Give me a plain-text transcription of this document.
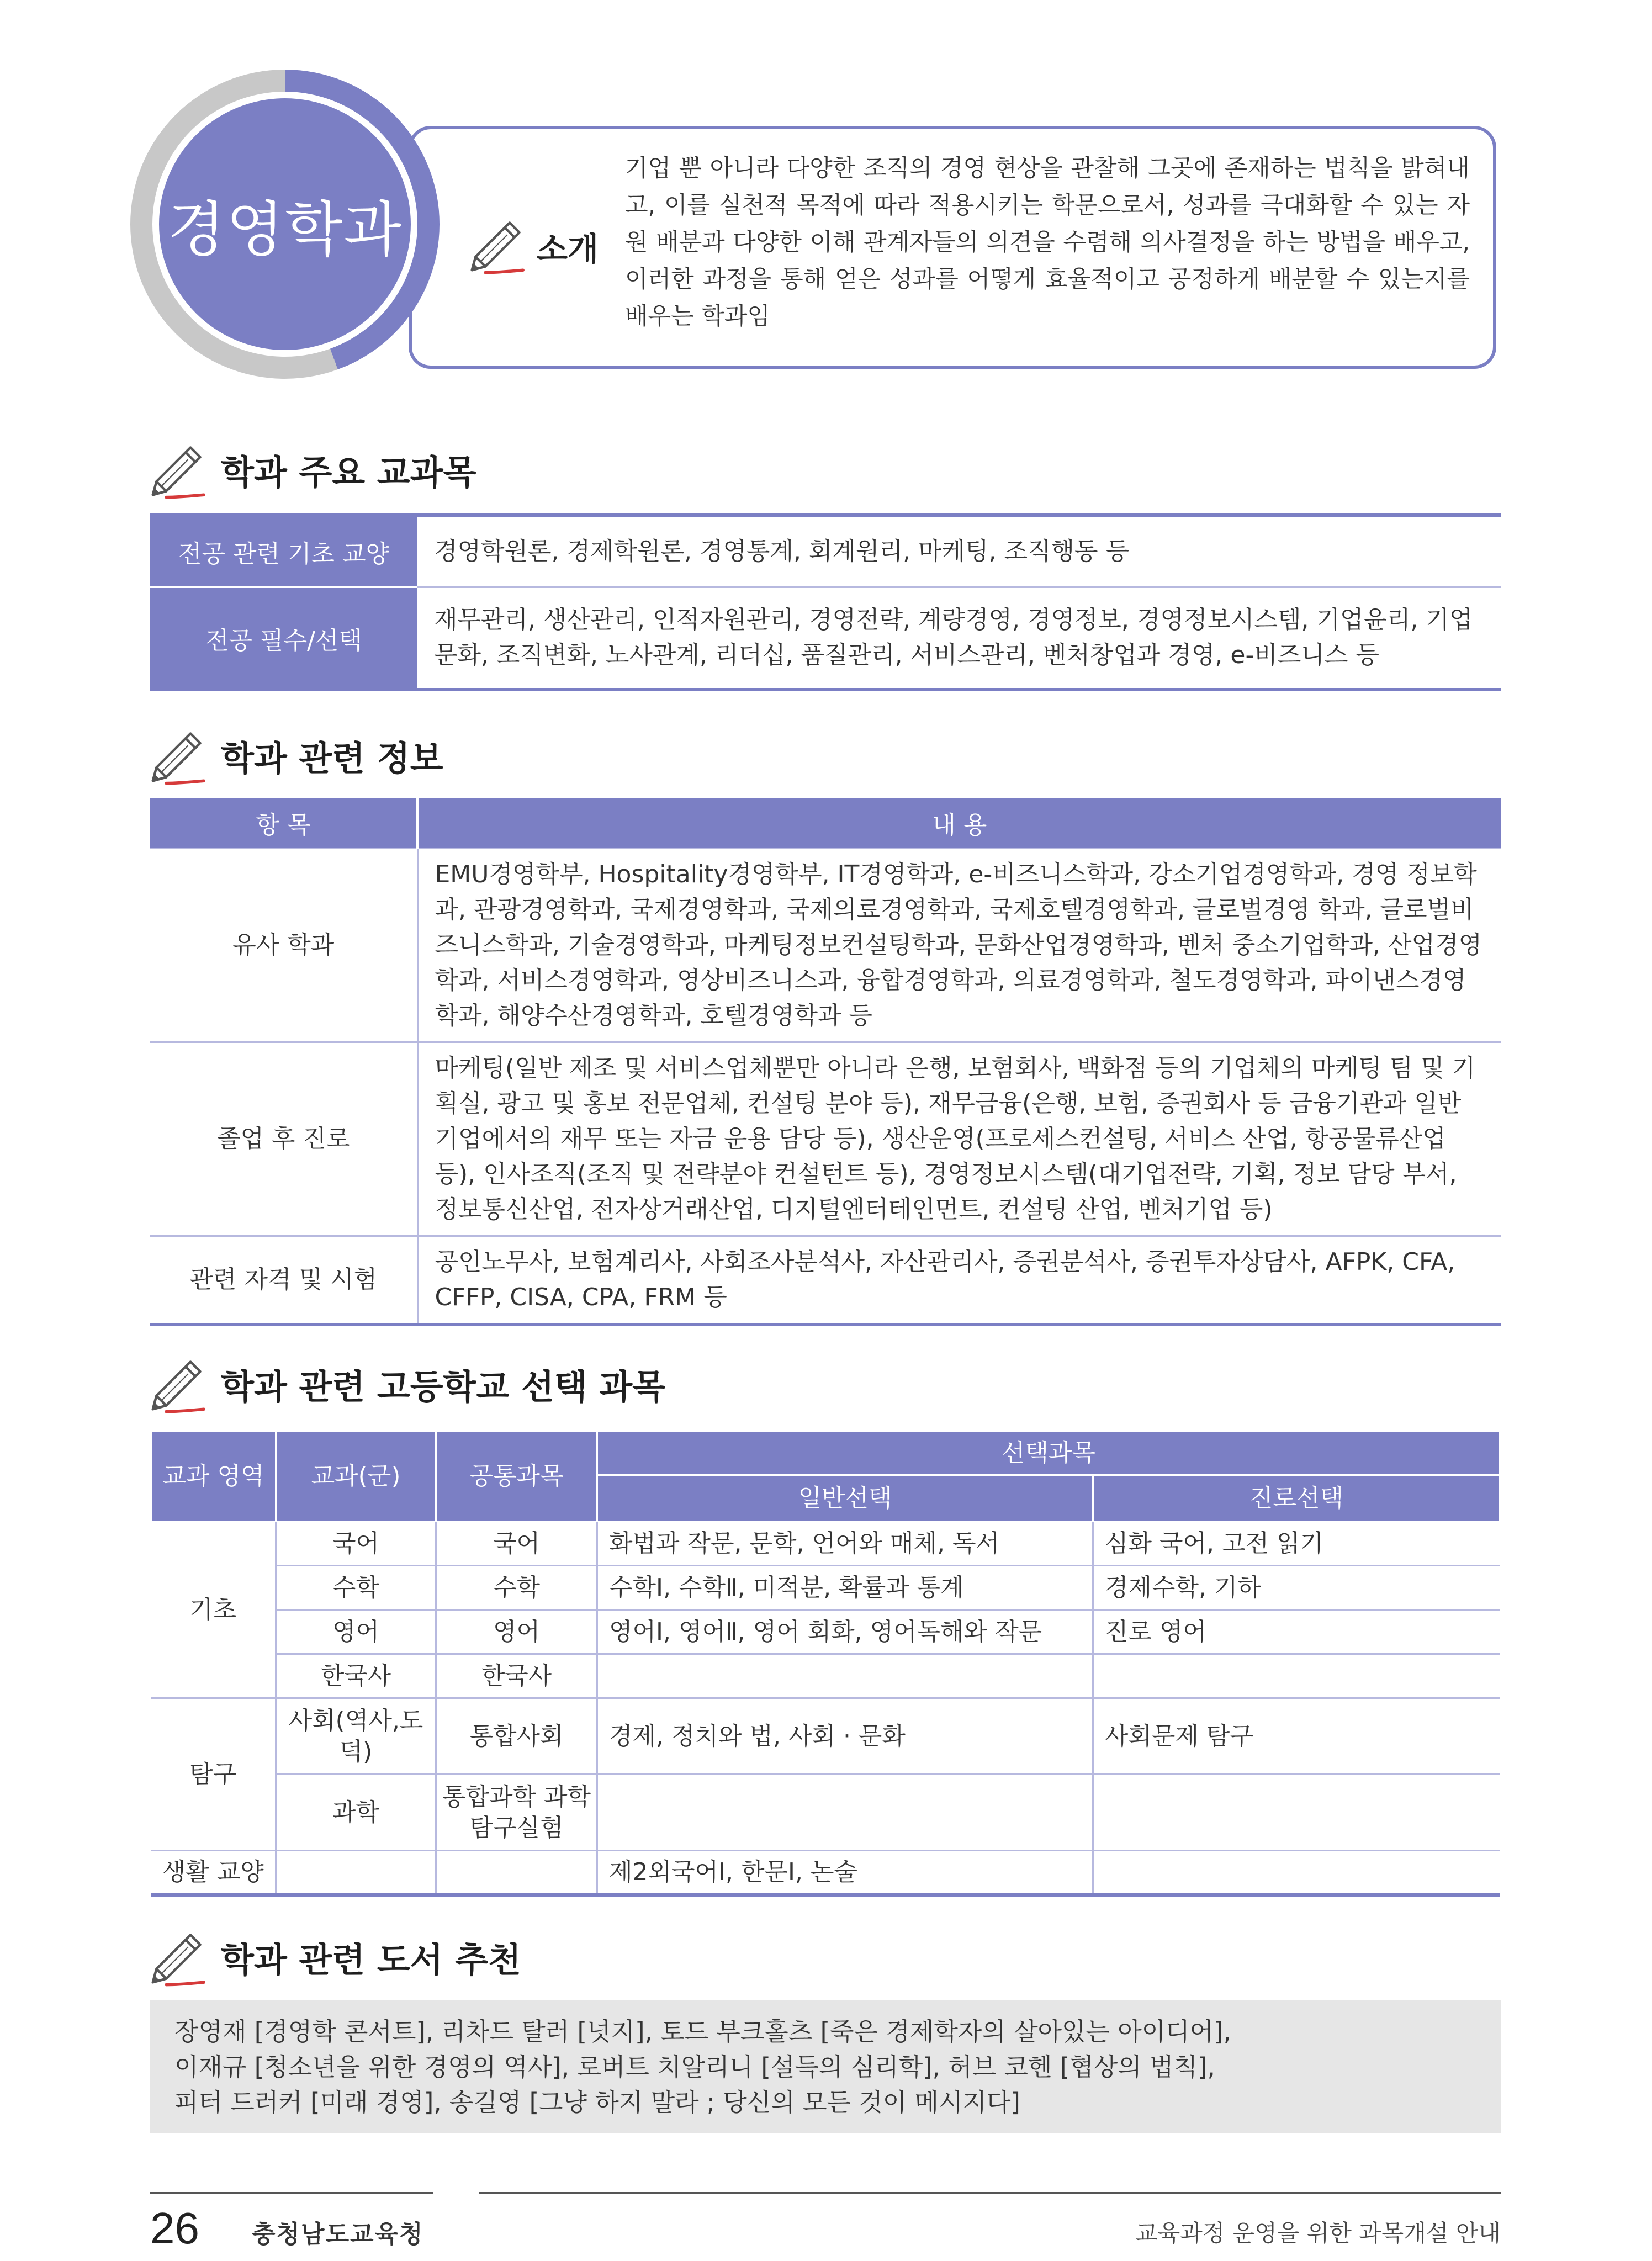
경영학과	소개
기업 뿐 아니라 다양한 조직의 경영 현상을 관찰해 그곳에 존재하는 법칙을 밝혀내고, 이를 실천적 목적에 따라 적용시키는 학문으로서, 성과를 극대화할 수 있는 자원 배분과 다양한 이해 관계자들의 의견을 수렴해 의사결정을 하는 방법을 배우고, 이러한 과정을 통해 얻은 성과를 어떻게 효율적이고 공정하게 배분할 수 있는지를 배우는 학과임
학과 주요 교과목
전공 관련 기초 교양	경영학원론, 경제학원론, 경영통계, 회계원리, 마케팅, 조직행동 등
전공 필수/선택	재무관리, 생산관리, 인적자원관리, 경영전략, 계량경영, 경영정보, 경영정보시스템, 기업윤리, 기업문화, 조직변화, 노사관계, 리더십, 품질관리, 서비스관리, 벤처창업과 경영, e-비즈니스 등
학과 관련 정보
항 목	내 용
유사 학과	EMU경영학부, Hospitality경영학부, IT경영학과, e-비즈니스학과, 강소기업경영학과, 경영 정보학과, 관광경영학과, 국제경영학과, 국제의료경영학과, 국제호텔경영학과, 글로벌경영 학과, 글로벌비즈니스학과, 기술경영학과, 마케팅정보컨설팅학과, 문화산업경영학과, 벤처 중소기업학과, 산업경영학과, 서비스경영학과, 영상비즈니스과, 융합경영학과, 의료경영학과, 철도경영학과, 파이낸스경영학과, 해양수산경영학과, 호텔경영학과 등
졸업 후 진로	마케팅(일반 제조 및 서비스업체뿐만 아니라 은행, 보험회사, 백화점 등의 기업체의 마케팅 팀 및 기획실, 광고 및 홍보 전문업체, 컨설팅 분야 등), 재무금융(은행, 보험, 증권회사 등 금융기관과 일반기업에서의 재무 또는 자금 운용 담당 등), 생산운영(프로세스컨설팅, 서비스 산업, 항공물류산업 등), 인사조직(조직 및 전략분야 컨설턴트 등), 경영정보시스템(대기업전략, 기획, 정보 담당 부서, 정보통신산업, 전자상거래산업, 디지털엔터테인먼트, 컨설팅 산업, 벤처기업 등)
관련 자격 및 시험	공인노무사, 보험계리사, 사회조사분석사, 자산관리사, 증권분석사, 증권투자상담사, AFPK, CFA, CFFP, CISA, CPA, FRM 등
학과 관련 고등학교 선택 과목
교과 영역	교과(군)	공통과목	선택과목	
			일반선택	진로선택
기초	국어	국어	화법과 작문, 문학, 언어와 매체, 독서	심화 국어, 고전 읽기
	수학	수학	수학Ⅰ, 수학Ⅱ, 미적분, 확률과 통계	경제수학, 기하
	영어	영어	영어Ⅰ, 영어Ⅱ, 영어 회화, 영어독해와 작문	진로 영어
	한국사	한국사		
탐구	사회(역사,도덕)	통합사회	경제, 정치와 법, 사회 · 문화	사회문제 탐구
	과학	통합과학 과학탐구실험		
생활 교양			제2외국어Ⅰ, 한문Ⅰ, 논술	
학과 관련 도서 추천
장영재 [경영학 콘서트], 리차드 탈러 [넛지], 토드 부크홀츠 [죽은 경제학자의 살아있는 아이디어],
이재규 [청소년을 위한 경영의 역사], 로버트 치알리니 [설득의 심리학], 허브 코헨 [협상의 법칙],
피터 드러커 [미래 경영], 송길영 [그냥 하지 말라 ; 당신의 모든 것이 메시지다]
26 충청남도교육청	교육과정 운영을 위한 과목개설 안내
